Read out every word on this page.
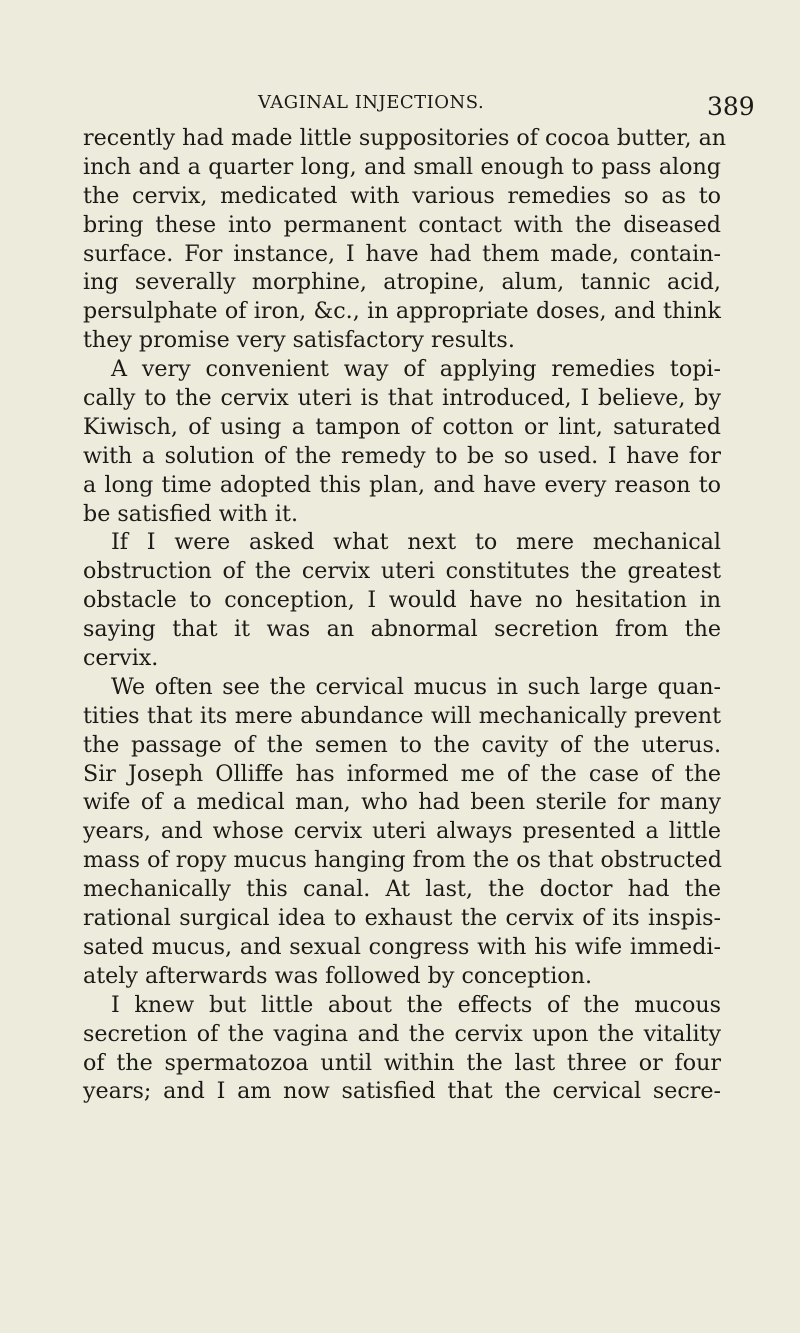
VAGINAL INJECTIONS.	389
recently had made little suppositories of cocoa butter, an
inch and a quarter long, and small enough to pass along
the cervix, medicated with various remedies so as to
bring these into permanent contact with the diseased
surface. For instance, I have had them made, contain-
ing severally morphine, atropine, alum, tannic acid,
persulphate of iron, &c., in appropriate doses, and think
they promise very satisfactory results.
A very convenient way of applying remedies topi-
cally to the cervix uteri is that introduced, I believe, by
Kiwisch, of using a tampon of cotton or lint, saturated
with a solution of the remedy to be so used. I have for
a long time adopted this plan, and have every reason to
be satisfied with it.
If I were asked what next to mere mechanical
obstruction of the cervix uteri constitutes the greatest
obstacle to conception, I would have no hesitation in
saying that it was an abnormal secretion from the
cervix.
We often see the cervical mucus in such large quan-
tities that its mere abundance will mechanically prevent
the passage of the semen to the cavity of the uterus.
Sir Joseph Olliffe has informed me of the case of the
wife of a medical man, who had been sterile for many
years, and whose cervix uteri always presented a little
mass of ropy mucus hanging from the os that obstructed
mechanically this canal. At last, the doctor had the
rational surgical idea to exhaust the cervix of its inspis-
sated mucus, and sexual congress with his wife immedi-
ately afterwards was followed by conception.
I knew but little about the effects of the mucous
secretion of the vagina and the cervix upon the vitality
of the spermatozoa until within the last three or four
years; and I am now satisfied that the cervical secre-
